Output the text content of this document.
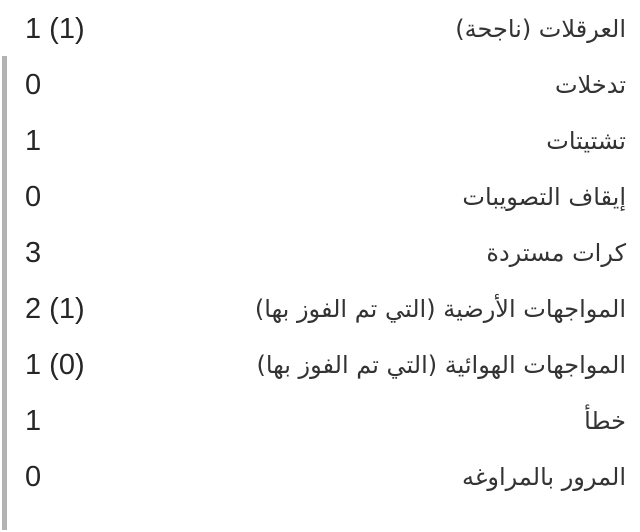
العرقلات (ناجحة)
1 (1)
تدخلات
0
تشتيتات
1
إيقاف التصويبات
0
كرات مستردة
3
المواجهات الأرضية (التي تم الفوز بها)
2 (1)
المواجهات الهوائية (التي تم الفوز بها)
1 (0)
خطأ
1
المرور بالمراوغه
0
